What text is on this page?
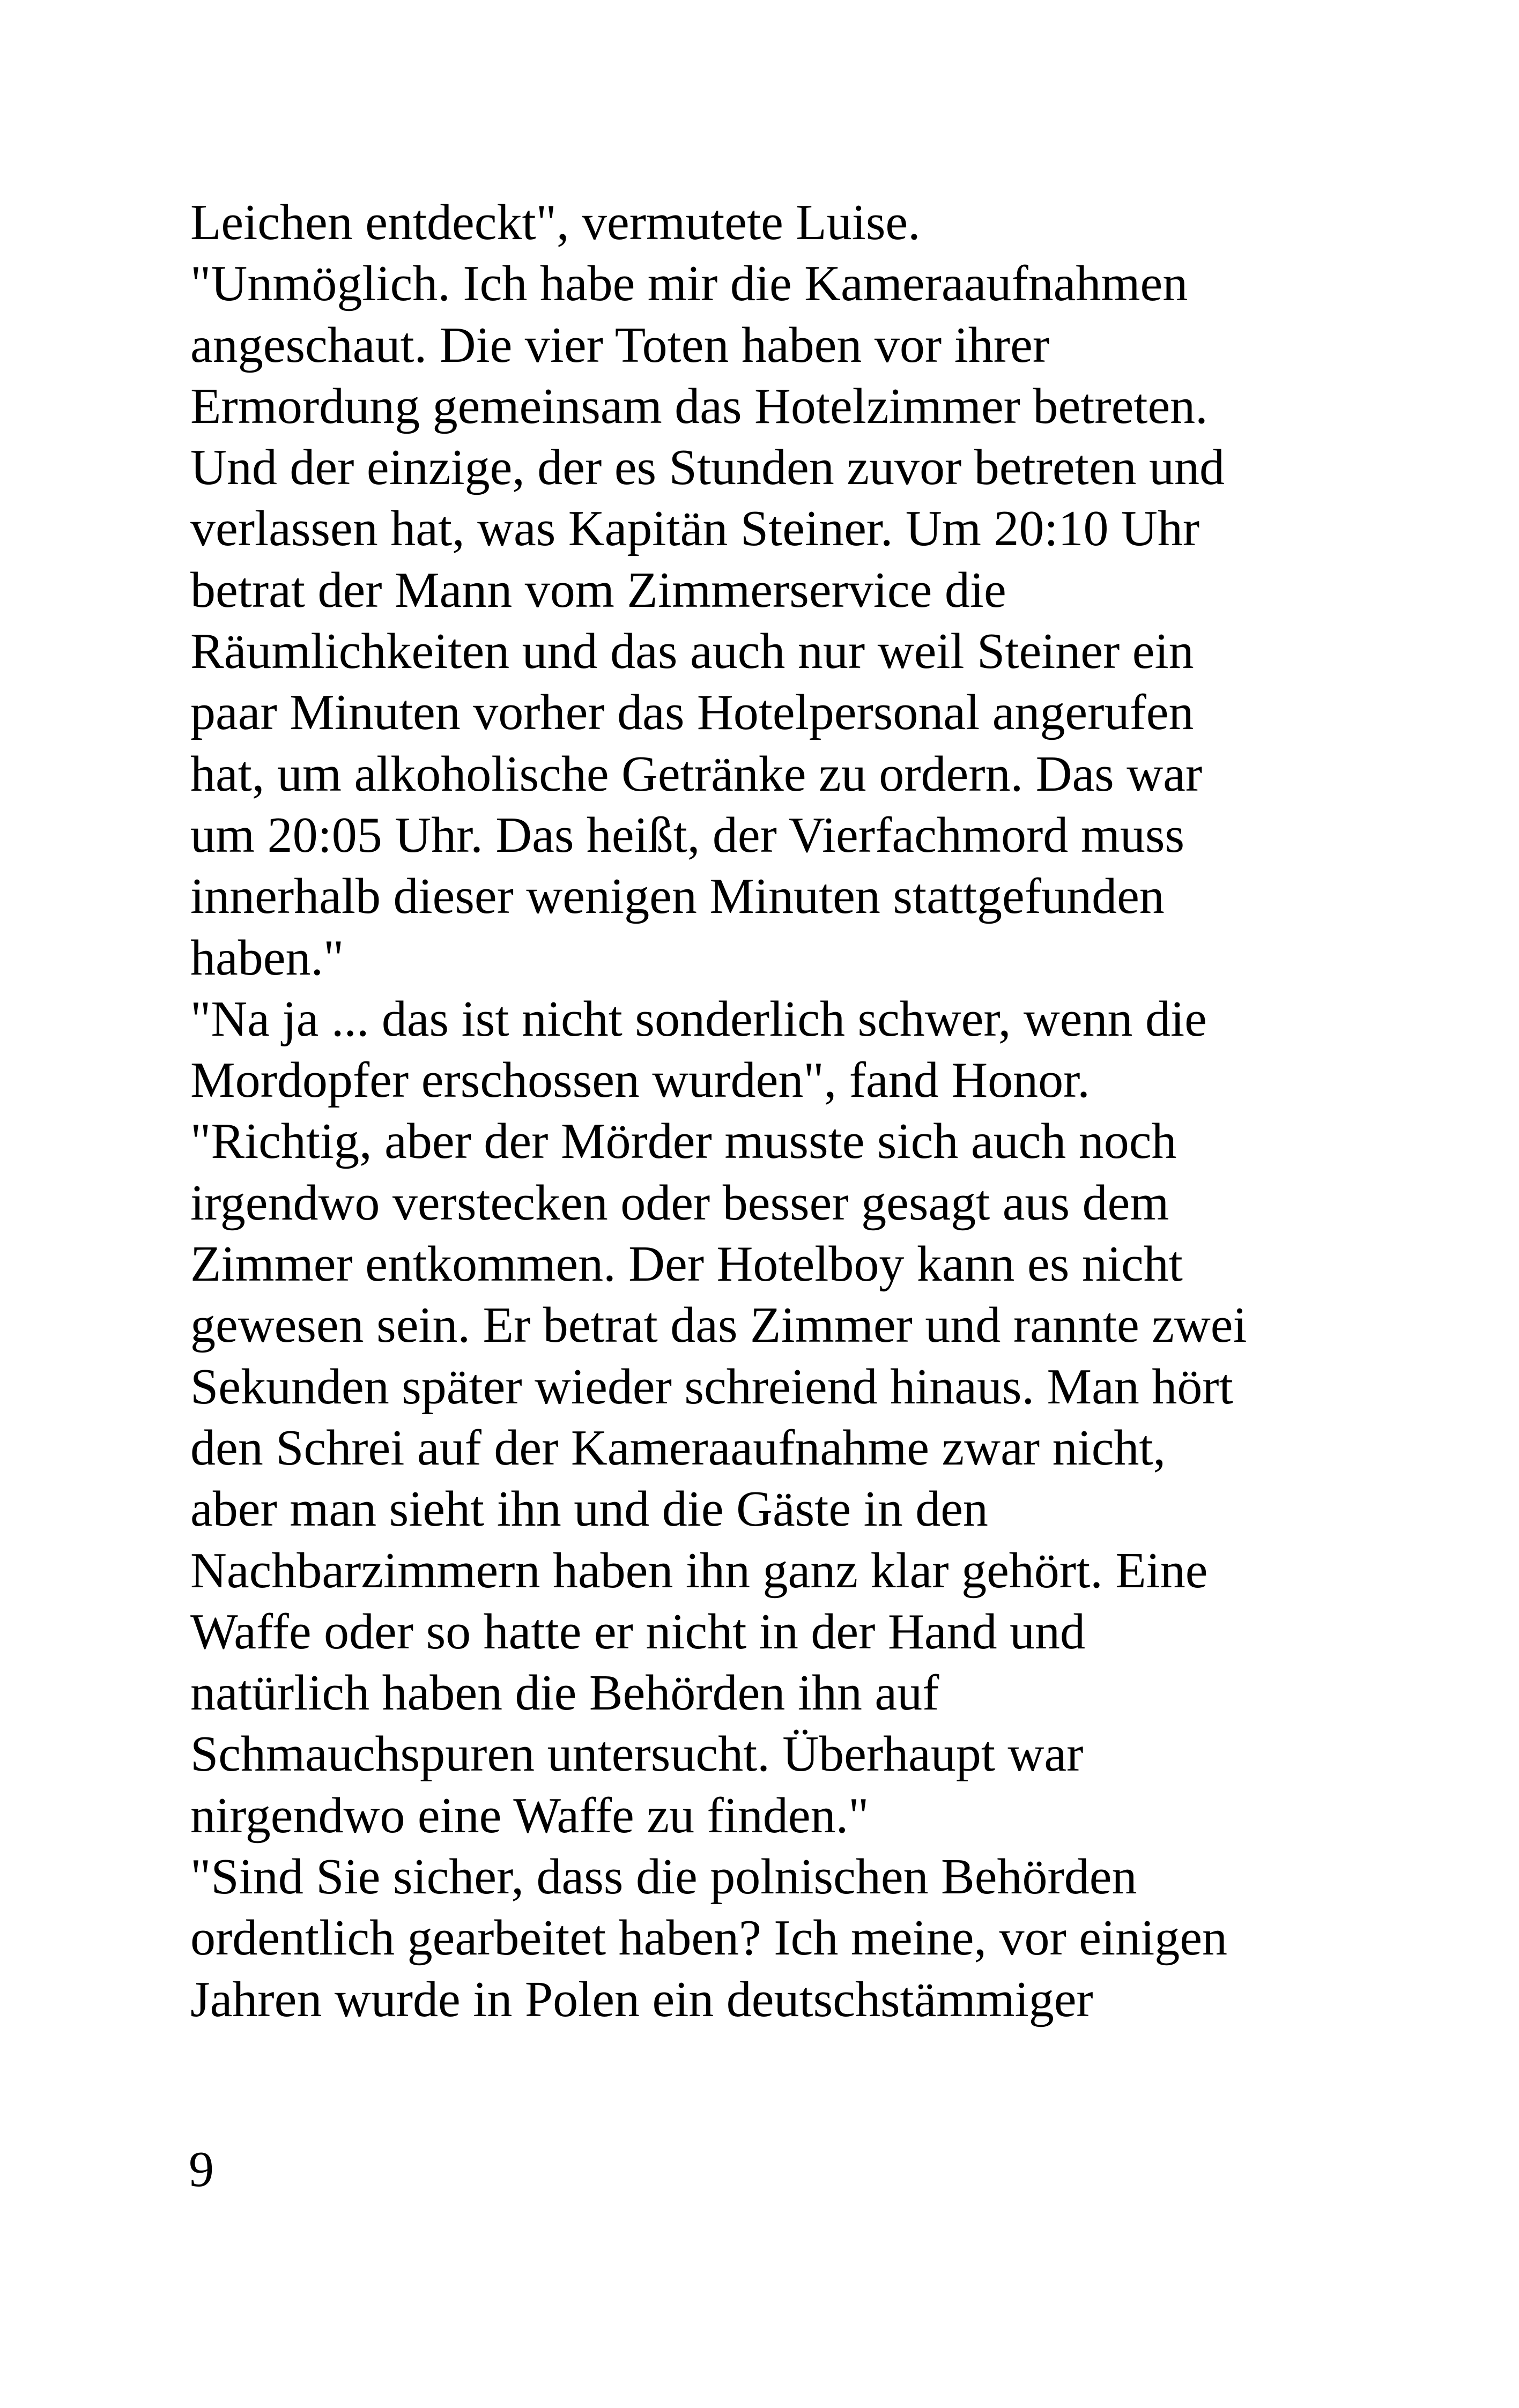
Leichen entdeckt", vermutete Luise.
"Unmöglich. Ich habe mir die Kameraaufnahmen
angeschaut. Die vier Toten haben vor ihrer
Ermordung gemeinsam das Hotelzimmer betreten.
Und der einzige, der es Stunden zuvor betreten und
verlassen hat, was Kapitän Steiner. Um 20:10 Uhr
betrat der Mann vom Zimmerservice die
Räumlichkeiten und das auch nur weil Steiner ein
paar Minuten vorher das Hotelpersonal angerufen
hat, um alkoholische Getränke zu ordern. Das war
um 20:05 Uhr. Das heißt, der Vierfachmord muss
innerhalb dieser wenigen Minuten stattgefunden
haben."
"Na ja ... das ist nicht sonderlich schwer, wenn die
Mordopfer erschossen wurden", fand Honor.
"Richtig, aber der Mörder musste sich auch noch
irgendwo verstecken oder besser gesagt aus dem
Zimmer entkommen. Der Hotelboy kann es nicht
gewesen sein. Er betrat das Zimmer und rannte zwei
Sekunden später wieder schreiend hinaus. Man hört
den Schrei auf der Kameraaufnahme zwar nicht,
aber man sieht ihn und die Gäste in den
Nachbarzimmern haben ihn ganz klar gehört. Eine
Waffe oder so hatte er nicht in der Hand und
natürlich haben die Behörden ihn auf
Schmauchspuren untersucht. Überhaupt war
nirgendwo eine Waffe zu finden."
"Sind Sie sicher, dass die polnischen Behörden
ordentlich gearbeitet haben? Ich meine, vor einigen
Jahren wurde in Polen ein deutschstämmiger

9
